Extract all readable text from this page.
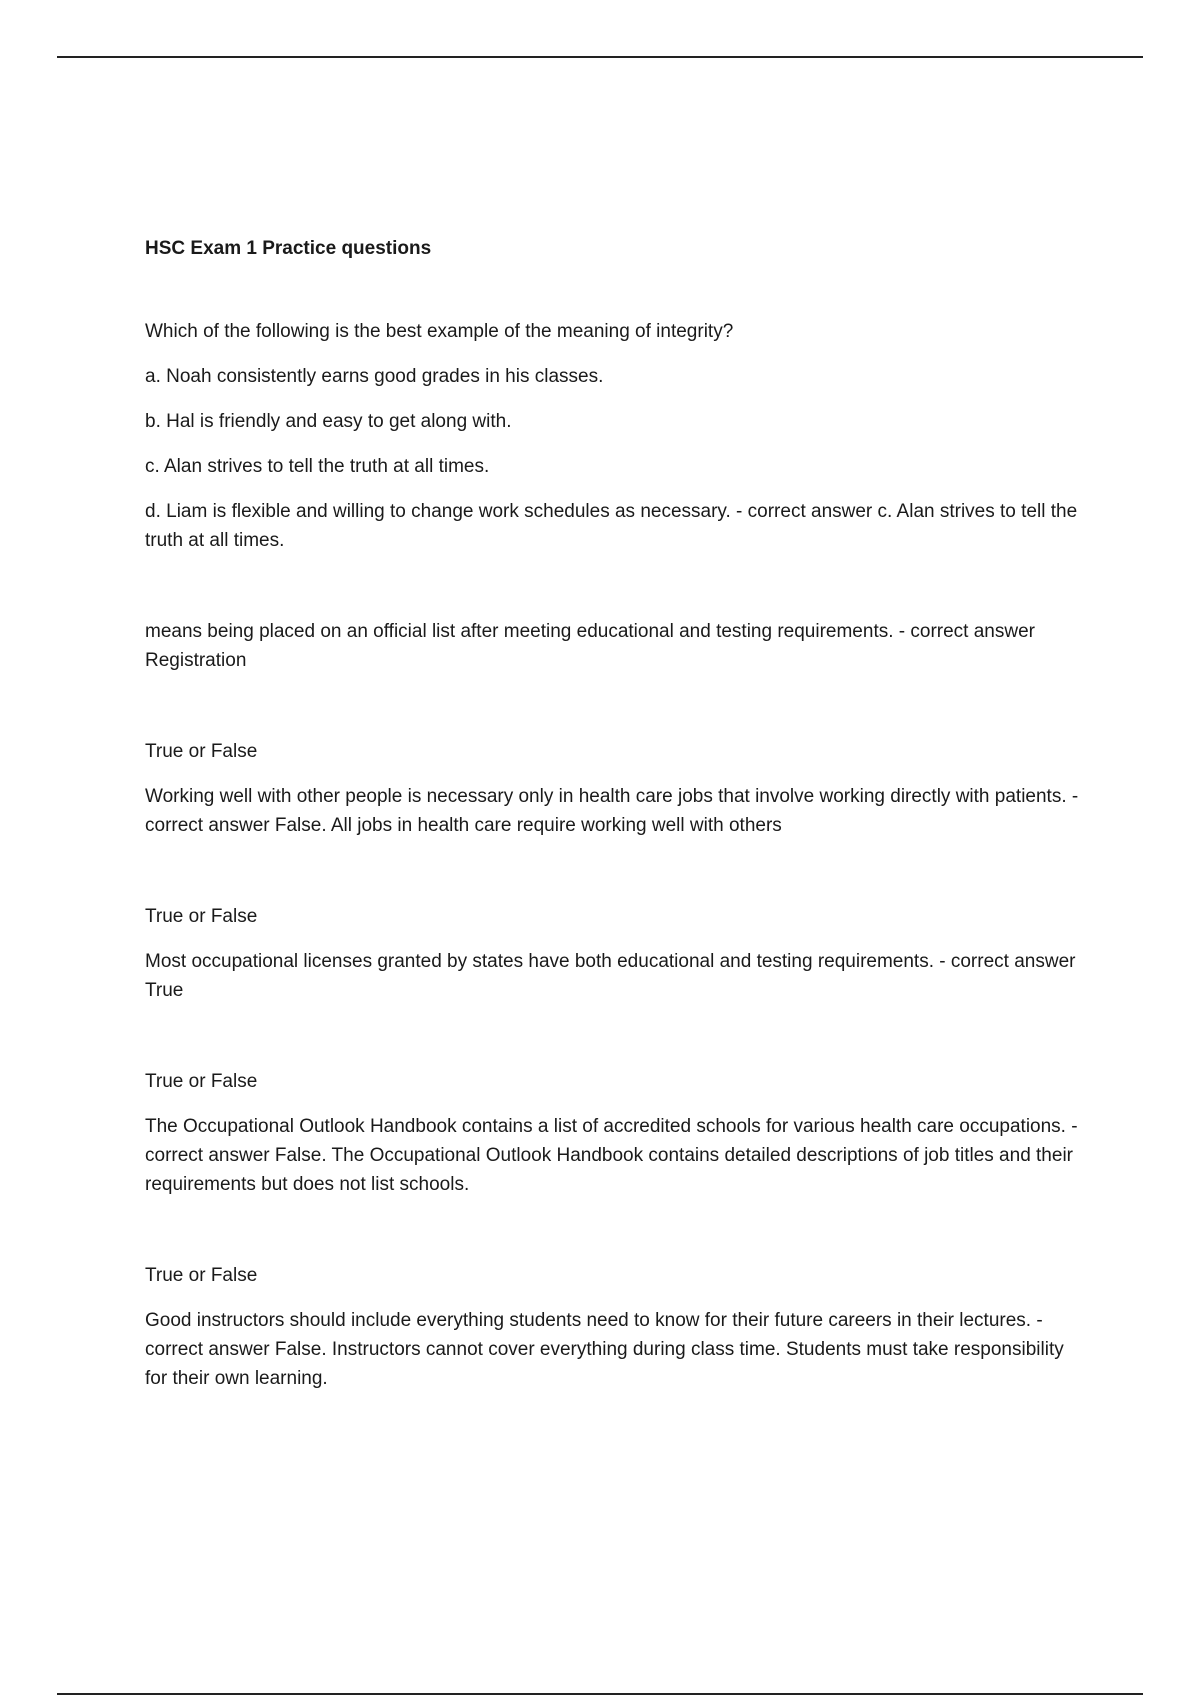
HSC Exam 1 Practice questions

Which of the following is the best example of the meaning of integrity?

a. Noah consistently earns good grades in his classes.

b. Hal is friendly and easy to get along with.

c. Alan strives to tell the truth at all times.

d. Liam is flexible and willing to change work schedules as necessary. - correct answer c. Alan strives to tell the truth at all times.

means being placed on an official list after meeting educational and testing requirements. - correct answer Registration

True or False

Working well with other people is necessary only in health care jobs that involve working directly with patients. - correct answer False. All jobs in health care require working well with others

True or False

Most occupational licenses granted by states have both educational and testing requirements. - correct answer True

True or False

The Occupational Outlook Handbook contains a list of accredited schools for various health care occupations. - correct answer False. The Occupational Outlook Handbook contains detailed descriptions of job titles and their requirements but does not list schools.

True or False

Good instructors should include everything students need to know for their future careers in their lectures. - correct answer False. Instructors cannot cover everything during class time. Students must take responsibility for their own learning.
